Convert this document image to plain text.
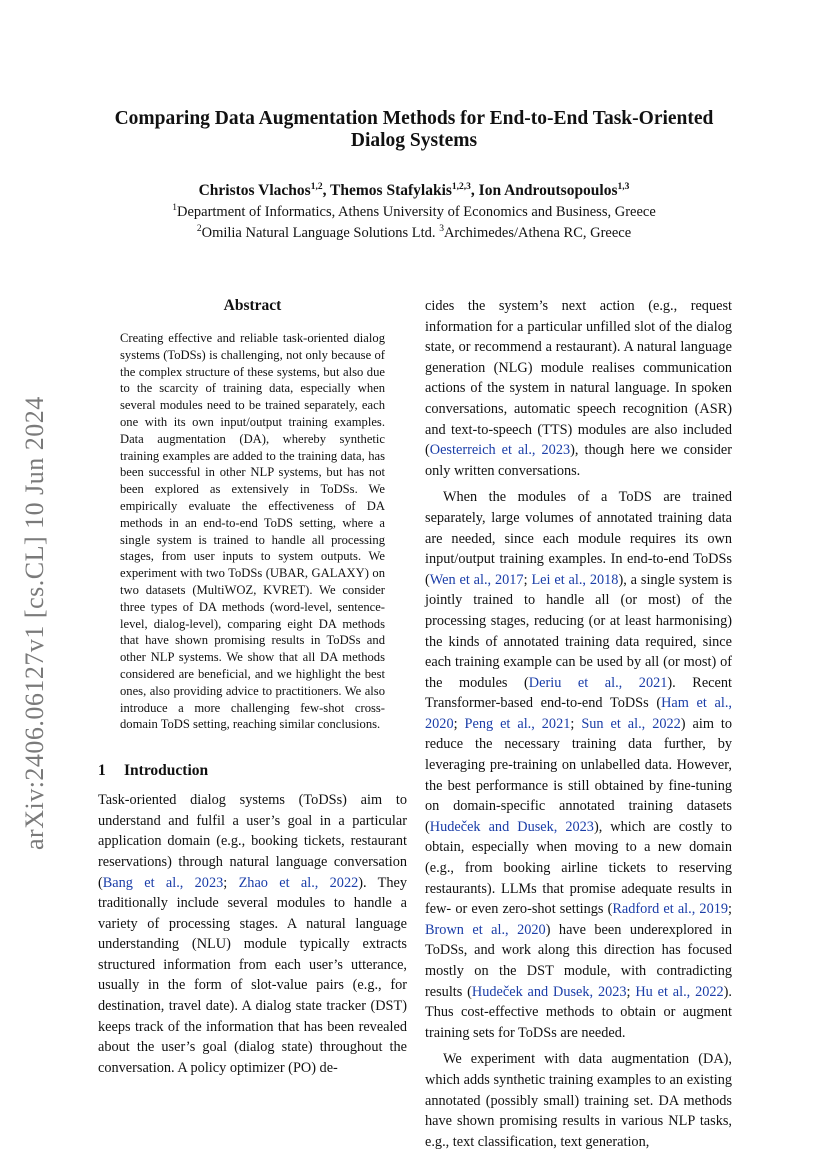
arXiv:2406.06127v1 [cs.CL] 10 Jun 2024
Comparing Data Augmentation Methods for End-to-End Task-Oriented
Dialog Systems
Christos Vlachos$^{1,2}$, Themos Stafylakis$^{1,2,3}$, Ion Androutsopoulos$^{1,3}$
$^1$Department of Informatics, Athens University of Economics and Business, Greece
$^2$Omilia Natural Language Solutions Ltd. $^3$Archimedes/Athena RC, Greece
Abstract

Creating effective and reliable task-oriented dialog systems (ToDSs) is challenging, not only because of the complex structure of these systems, but also due to the scarcity of training data, especially when several modules need to be trained separately, each one with its own input/output training examples. Data augmentation (DA), whereby synthetic training examples are added to the training data, has been successful in other NLP systems, but has not been explored as extensively in ToDSs. We empirically evaluate the effectiveness of DA methods in an end-to-end ToDS setting, where a single system is trained to handle all processing stages, from user inputs to system outputs. We experiment with two ToDSs (UBAR, GALAXY) on two datasets (MultiWOZ, KVRET). We consider three types of DA methods (word-level, sentence-level, dialog-level), comparing eight DA methods that have shown promising results in ToDSs and other NLP systems. We show that all DA methods considered are beneficial, and we highlight the best ones, also providing advice to practitioners. We also introduce a more challenging few-shot cross-domain ToDS setting, reaching similar conclusions.

1 Introduction

Task-oriented dialog systems (ToDSs) aim to understand and fulfil a user’s goal in a particular application domain (e.g., booking tickets, restaurant reservations) through natural language conversation (Bang et al., 2023; Zhao et al., 2022). They traditionally include several modules to handle a variety of processing stages. A natural language understanding (NLU) module typically extracts structured information from each user’s utterance, usually in the form of slot-value pairs (e.g., for destination, travel date). A dialog state tracker (DST) keeps track of the information that has been revealed about the user’s goal (dialog state) throughout the conversation. A policy optimizer (PO) de-

cides the system’s next action (e.g., request information for a particular unfilled slot of the dialog state, or recommend a restaurant). A natural language generation (NLG) module realises communication actions of the system in natural language. In spoken conversations, automatic speech recognition (ASR) and text-to-speech (TTS) modules are also included (Oesterreich et al., 2023), though here we consider only written conversations.

When the modules of a ToDS are trained separately, large volumes of annotated training data are needed, since each module requires its own input/output training examples. In end-to-end ToDSs (Wen et al., 2017; Lei et al., 2018), a single system is jointly trained to handle all (or most) of the processing stages, reducing (or at least harmonising) the kinds of annotated training data required, since each training example can be used by all (or most) of the modules (Deriu et al., 2021). Recent Transformer-based end-to-end ToDSs (Ham et al., 2020; Peng et al., 2021; Sun et al., 2022) aim to reduce the necessary training data further, by leveraging pre-training on unlabelled data. However, the best performance is still obtained by fine-tuning on domain-specific annotated training datasets (Hudeček and Dusek, 2023), which are costly to obtain, especially when moving to a new domain (e.g., from booking airline tickets to reserving restaurants). LLMs that promise adequate results in few- or even zero-shot settings (Radford et al., 2019; Brown et al., 2020) have been underexplored in ToDSs, and work along this direction has focused mostly on the DST module, with contradicting results (Hudeček and Dusek, 2023; Hu et al., 2022). Thus cost-effective methods to obtain or augment training sets for ToDSs are needed.

We experiment with data augmentation (DA), which adds synthetic training examples to an existing annotated (possibly small) training set. DA methods have shown promising results in various NLP tasks, e.g., text classification, text generation,
